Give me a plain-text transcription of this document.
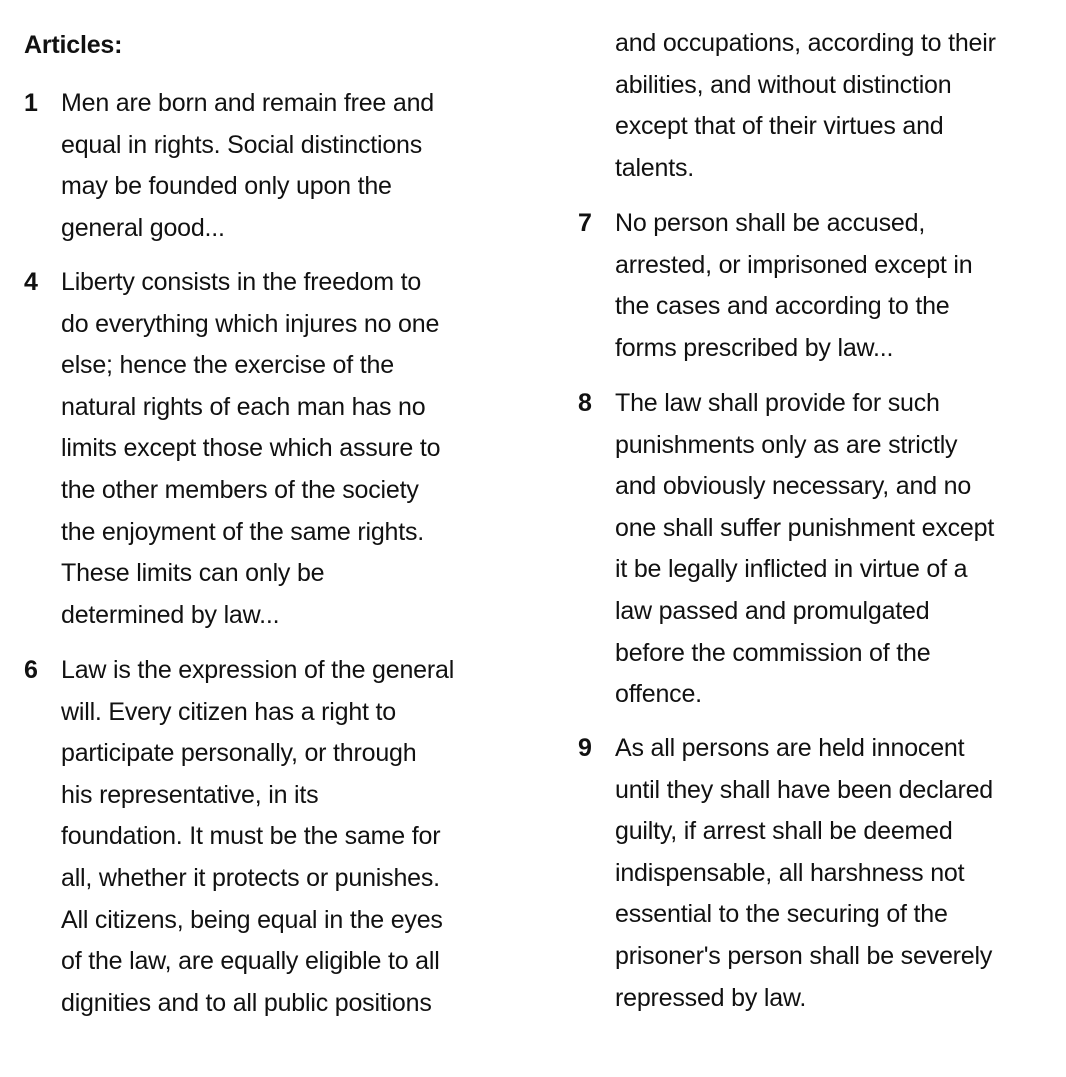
Articles:
1 Men are born and remain free and
equal in rights. Social distinctions
may be founded only upon the
general good...

4 Liberty consists in the freedom to
do everything which injures no one
else; hence the exercise of the
natural rights of each man has no
limits except those which assure to
the other members of the society
the enjoyment of the same rights.
These limits can only be
determined by law...

6 Law is the expression of the general
will. Every citizen has a right to
participate personally, or through
his representative, in its
foundation. It must be the same for
all, whether it protects or punishes.
All citizens, being equal in the eyes
of the law, are equally eligible to all
dignities and to all public positions

and occupations, according to their
abilities, and without distinction
except that of their virtues and
talents.

7 No person shall be accused,
arrested, or imprisoned except in
the cases and according to the
forms prescribed by law...

8 The law shall provide for such
punishments only as are strictly
and obviously necessary, and no
one shall suffer punishment except
it be legally inflicted in virtue of a
law passed and promulgated
before the commission of the
offence.

9 As all persons are held innocent
until they shall have been declared
guilty, if arrest shall be deemed
indispensable, all harshness not
essential to the securing of the
prisoner's person shall be severely
repressed by law.
